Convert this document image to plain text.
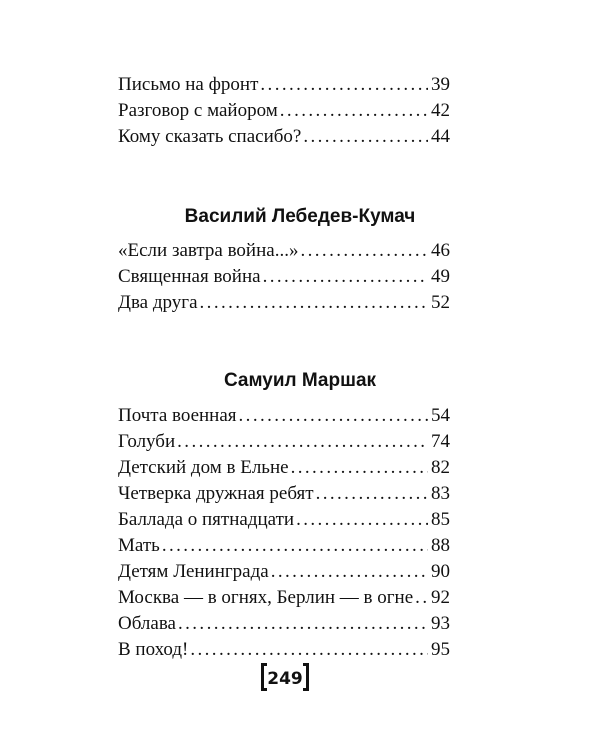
Письмо на фронт .....	39
Разговор с майором .....	42
Кому сказать спасибо? .....	44
Василий Лебедев-Кумач
«Если завтра война...» .....	46
Священная война .....	49
Два друга .....	52
Самуил Маршак
Почта военная .....	54
Голуби .....	74
Детский дом в Ельне .....	82
Четверка дружная ребят .....	83
Баллада о пятнадцати .....	85
Мать .....	88
Детям Ленинграда .....	90
Москва — в огнях, Берлин — в огне ..... 92
Облава .....	93
В поход! .....	95
249
